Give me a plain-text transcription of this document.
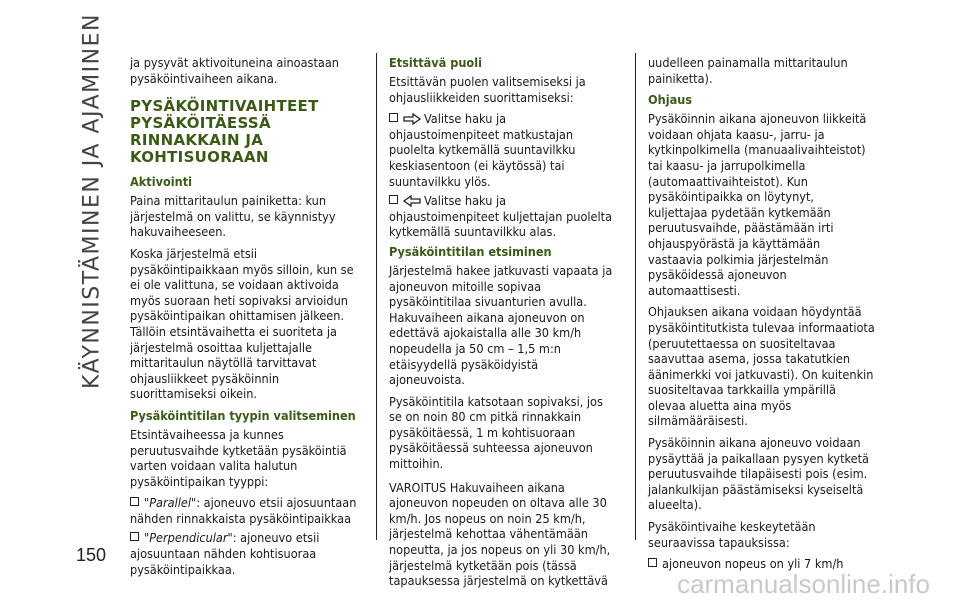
KÄYNNISTÄMINEN JA AJAMINEN
150

ja pysyvät aktivoituneina ainoastaan pysäköintivaiheen aikana.

PYSÄKÖINTIVAIHTEET PYSÄKÖITÄESSÄ RINNAKKAIN JA KOHTISUORAAN
Aktivointi

Paina mittaritaulun painiketta: kun järjestelmä on valittu, se käynnistyy hakuvaiheeseen.

Koska järjestelmä etsii pysäköintipaikkaan myös silloin, kun se ei ole valittuna, se voidaan aktivoida myös suoraan heti sopivaksi arvioidun pysäköintipaikan ohittamisen jälkeen. Tällöin etsintävaihetta ei suoriteta ja järjestelmä osoittaa kuljettajalle mittaritaulun näytöllä tarvittavat ohjausliikkeet pysäköinnin suorittamiseksi oikein.

Pysäköintitilan tyypin valitseminen

Etsintävaiheessa ja kunnes peruutusvaihde kytketään pysäköintiä varten voidaan valita halutun pysäköintipaikan tyyppi:

"Parallel": ajoneuvo etsii ajosuuntaan nähden rinnakkaista pysäköintipaikkaa
"Perpendicular": ajoneuvo etsii ajosuuntaan nähden kohtisuoraa pysäköintipaikkaa.
Etsittävä puoli

Etsittävän puolen valitsemiseksi ja ohjausliikkeiden suorittamiseksi:

Valitse haku ja ohjaustoimenpiteet matkustajan puolelta kytkemällä suuntavilkku keskiasentoon (ei käytössä) tai suuntavilkku ylös.
Valitse haku ja ohjaustoimenpiteet kuljettajan puolelta kytkemällä suuntavilkku alas.
Pysäköintitilan etsiminen

Järjestelmä hakee jatkuvasti vapaata ja ajoneuvon mitoille sopivaa pysäköintitilaa sivuanturien avulla. Hakuvaiheen aikana ajoneuvon on edettävä ajokaistalla alle 30 km/h nopeudella ja 50 cm – 1,5 m:n etäisyydellä pysäköidyistä ajoneuvoista.

Pysäköintitila katsotaan sopivaksi, jos se on noin 80 cm pitkä rinnakkain pysäköitäessä, 1 m kohtisuoraan pysäköitäessä suhteessa ajoneuvon mittoihin.

VAROITUS Hakuvaiheen aikana ajoneuvon nopeuden on oltava alle 30 km/h. Jos nopeus on noin 25 km/h, järjestelmä kehottaa vähentämään nopeutta, ja jos nopeus on yli 30 km/h, järjestelmä kytketään pois (tässä tapauksessa järjestelmä on kytkettävä

uudelleen painamalla mittaritaulun painiketta).

Ohjaus

Pysäköinnin aikana ajoneuvon liikkeitä voidaan ohjata kaasu-, jarru- ja kytkinpolkimella (manuaalivaihteistot) tai kaasu- ja jarrupolkimella (automaattivaihteistot). Kun pysäköintipaikka on löytynyt, kuljettajaa pydetään kytkemään peruutusvaihde, päästämään irti ohjauspyörästä ja käyttämään vastaavia polkimia järjestelmän pysäköidessä ajoneuvon automaattisesti.

Ohjauksen aikana voidaan höydyntää pysäköintitutkista tulevaa informaatiota (peruutettaessa on suositeltavaa saavuttaa asema, jossa takatutkien äänimerkki voi jatkuvasti). On kuitenkin suositeltavaa tarkkailla ympärillä olevaa aluetta aina myös silmämääräisesti.

Pysäköinnin aikana ajoneuvo voidaan pysäyttää ja paikallaan pysyen kytketä peruutusvaihde tilapäisesti pois (esim. jalankulkijan päästämiseksi kyseiseltä alueelta).

Pysäköintivaihe keskeytetään seuraavissa tapauksissa:

ajoneuvon nopeus on yli 7 km/h
carmanualsonline.info
